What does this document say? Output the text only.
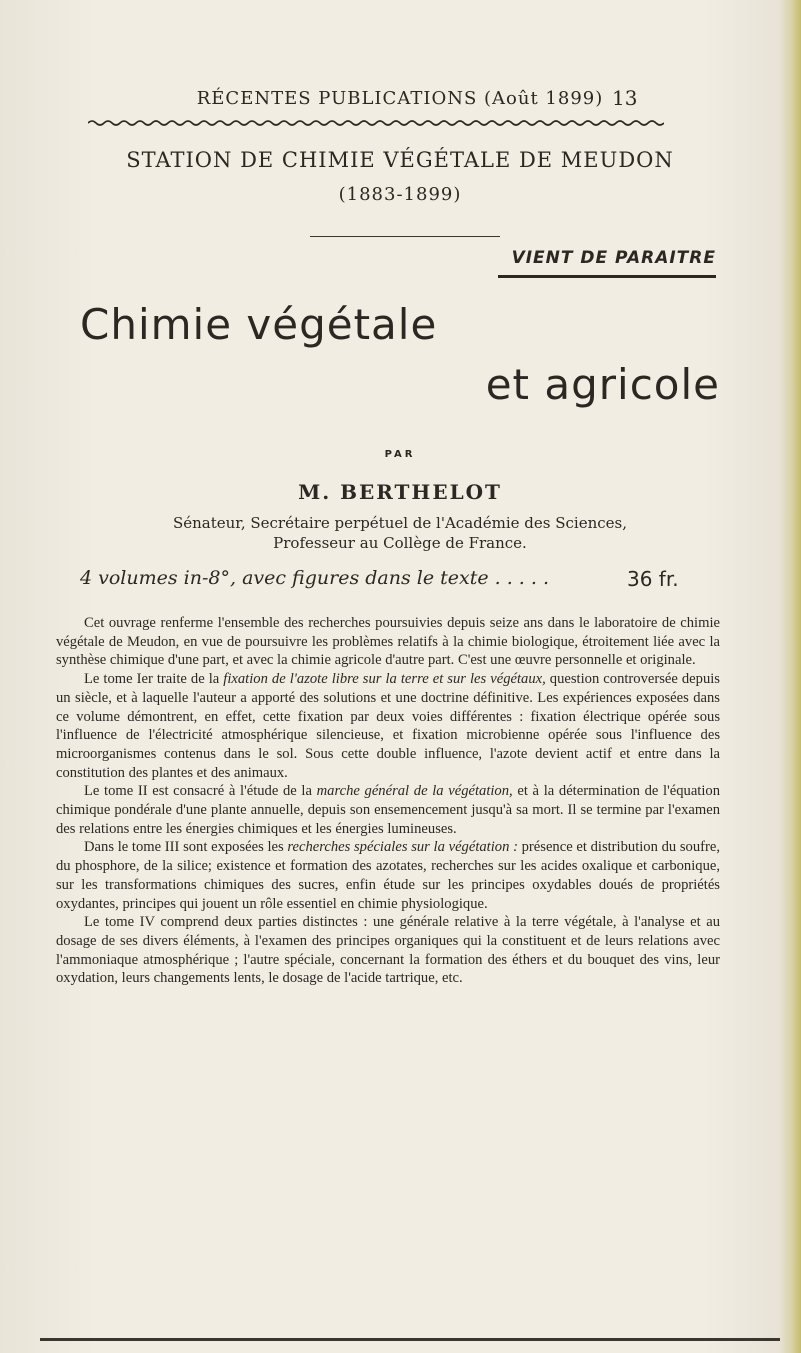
RÉCENTES PUBLICATIONS (Août 1899) 13
STATION DE CHIMIE VÉGÉTALE DE MEUDON
(1883-1899)
VIENT DE PARAITRE
Chimie végétale
et agricole
PAR
M. BERTHELOT
Sénateur, Secrétaire perpétuel de l'Académie des Sciences,
Professeur au Collège de France.
4 volumes in-8°, avec figures dans le texte . . . . .	36 fr.

Cet ouvrage renferme l'ensemble des recherches poursuivies depuis seize ans dans le laboratoire de chimie végétale de Meudon, en vue de poursuivre les problèmes relatifs à la chimie biologique, étroitement liée avec la synthèse chimique d'une part, et avec la chimie agricole d'autre part. C'est une œuvre personnelle et originale.

Le tome Ier traite de la fixation de l'azote libre sur la terre et sur les végétaux, question controversée depuis un siècle, et à laquelle l'auteur a apporté des solutions et une doctrine définitive. Les expériences exposées dans ce volume démontrent, en effet, cette fixation par deux voies différentes : fixation électrique opérée sous l'influence de l'électricité atmosphérique silencieuse, et fixation microbienne opérée sous l'influence des microorganismes contenus dans le sol. Sous cette double influence, l'azote devient actif et entre dans la constitution des plantes et des animaux.

Le tome II est consacré à l'étude de la marche général de la végétation, et à la détermination de l'équation chimique pondérale d'une plante annuelle, depuis son ensemencement jusqu'à sa mort. Il se termine par l'examen des relations entre les énergies chimiques et les énergies lumineuses.

Dans le tome III sont exposées les recherches spéciales sur la végétation : présence et distribution du soufre, du phosphore, de la silice; existence et formation des azotates, recherches sur les acides oxalique et carbonique, sur les transformations chimiques des sucres, enfin étude sur les principes oxydables doués de propriétés oxydantes, principes qui jouent un rôle essentiel en chimie physiologique.

Le tome IV comprend deux parties distinctes : une générale relative à la terre végétale, à l'analyse et au dosage de ses divers éléments, à l'examen des principes organiques qui la constituent et de leurs relations avec l'ammoniaque atmosphérique ; l'autre spéciale, concernant la formation des éthers et du bouquet des vins, leur oxydation, leurs changements lents, le dosage de l'acide tartrique, etc.
